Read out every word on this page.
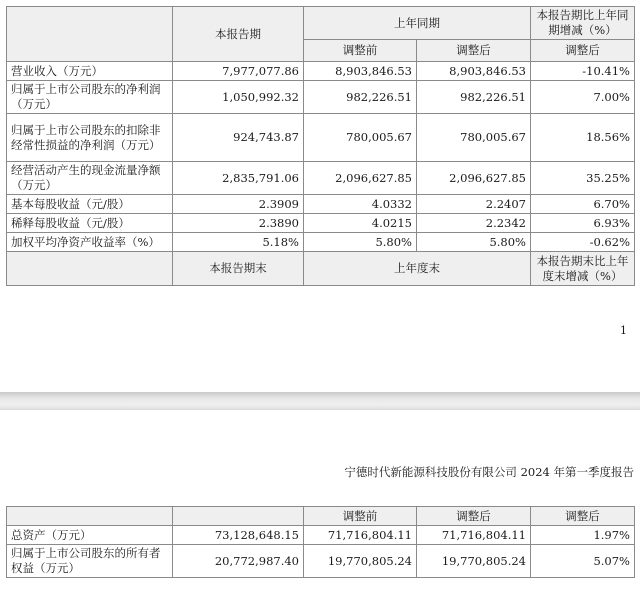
	本报告期	上年同期		本报告期比上年同期增减（%）
		调整前	调整后	调整后
营业收入（万元）	7,977,077.86	8,903,846.53	8,903,846.53	-10.41%
归属于上市公司股东的净利润（万元）	1,050,992.32	982,226.51	982,226.51	7.00%
归属于上市公司股东的扣除非经常性损益的净利润（万元）	924,743.87	780,005.67	780,005.67	18.56%
经营活动产生的现金流量净额（万元）	2,835,791.06	2,096,627.85	2,096,627.85	35.25%
基本每股收益（元/股）	2.3909	4.0332	2.2407	6.70%
稀释每股收益（元/股）	2.3890	4.0215	2.2342	6.93%
加权平均净资产收益率（%）	5.18%	5.80%	5.80%	-0.62%
	本报告期末	上年度末		本报告期末比上年度末增减（%）
1
宁德时代新能源科技股份有限公司 2024 年第一季度报告
		调整前	调整后	调整后
总资产（万元）	73,128,648.15	71,716,804.11	71,716,804.11	1.97%
归属于上市公司股东的所有者权益（万元）	20,772,987.40	19,770,805.24	19,770,805.24	5.07%
